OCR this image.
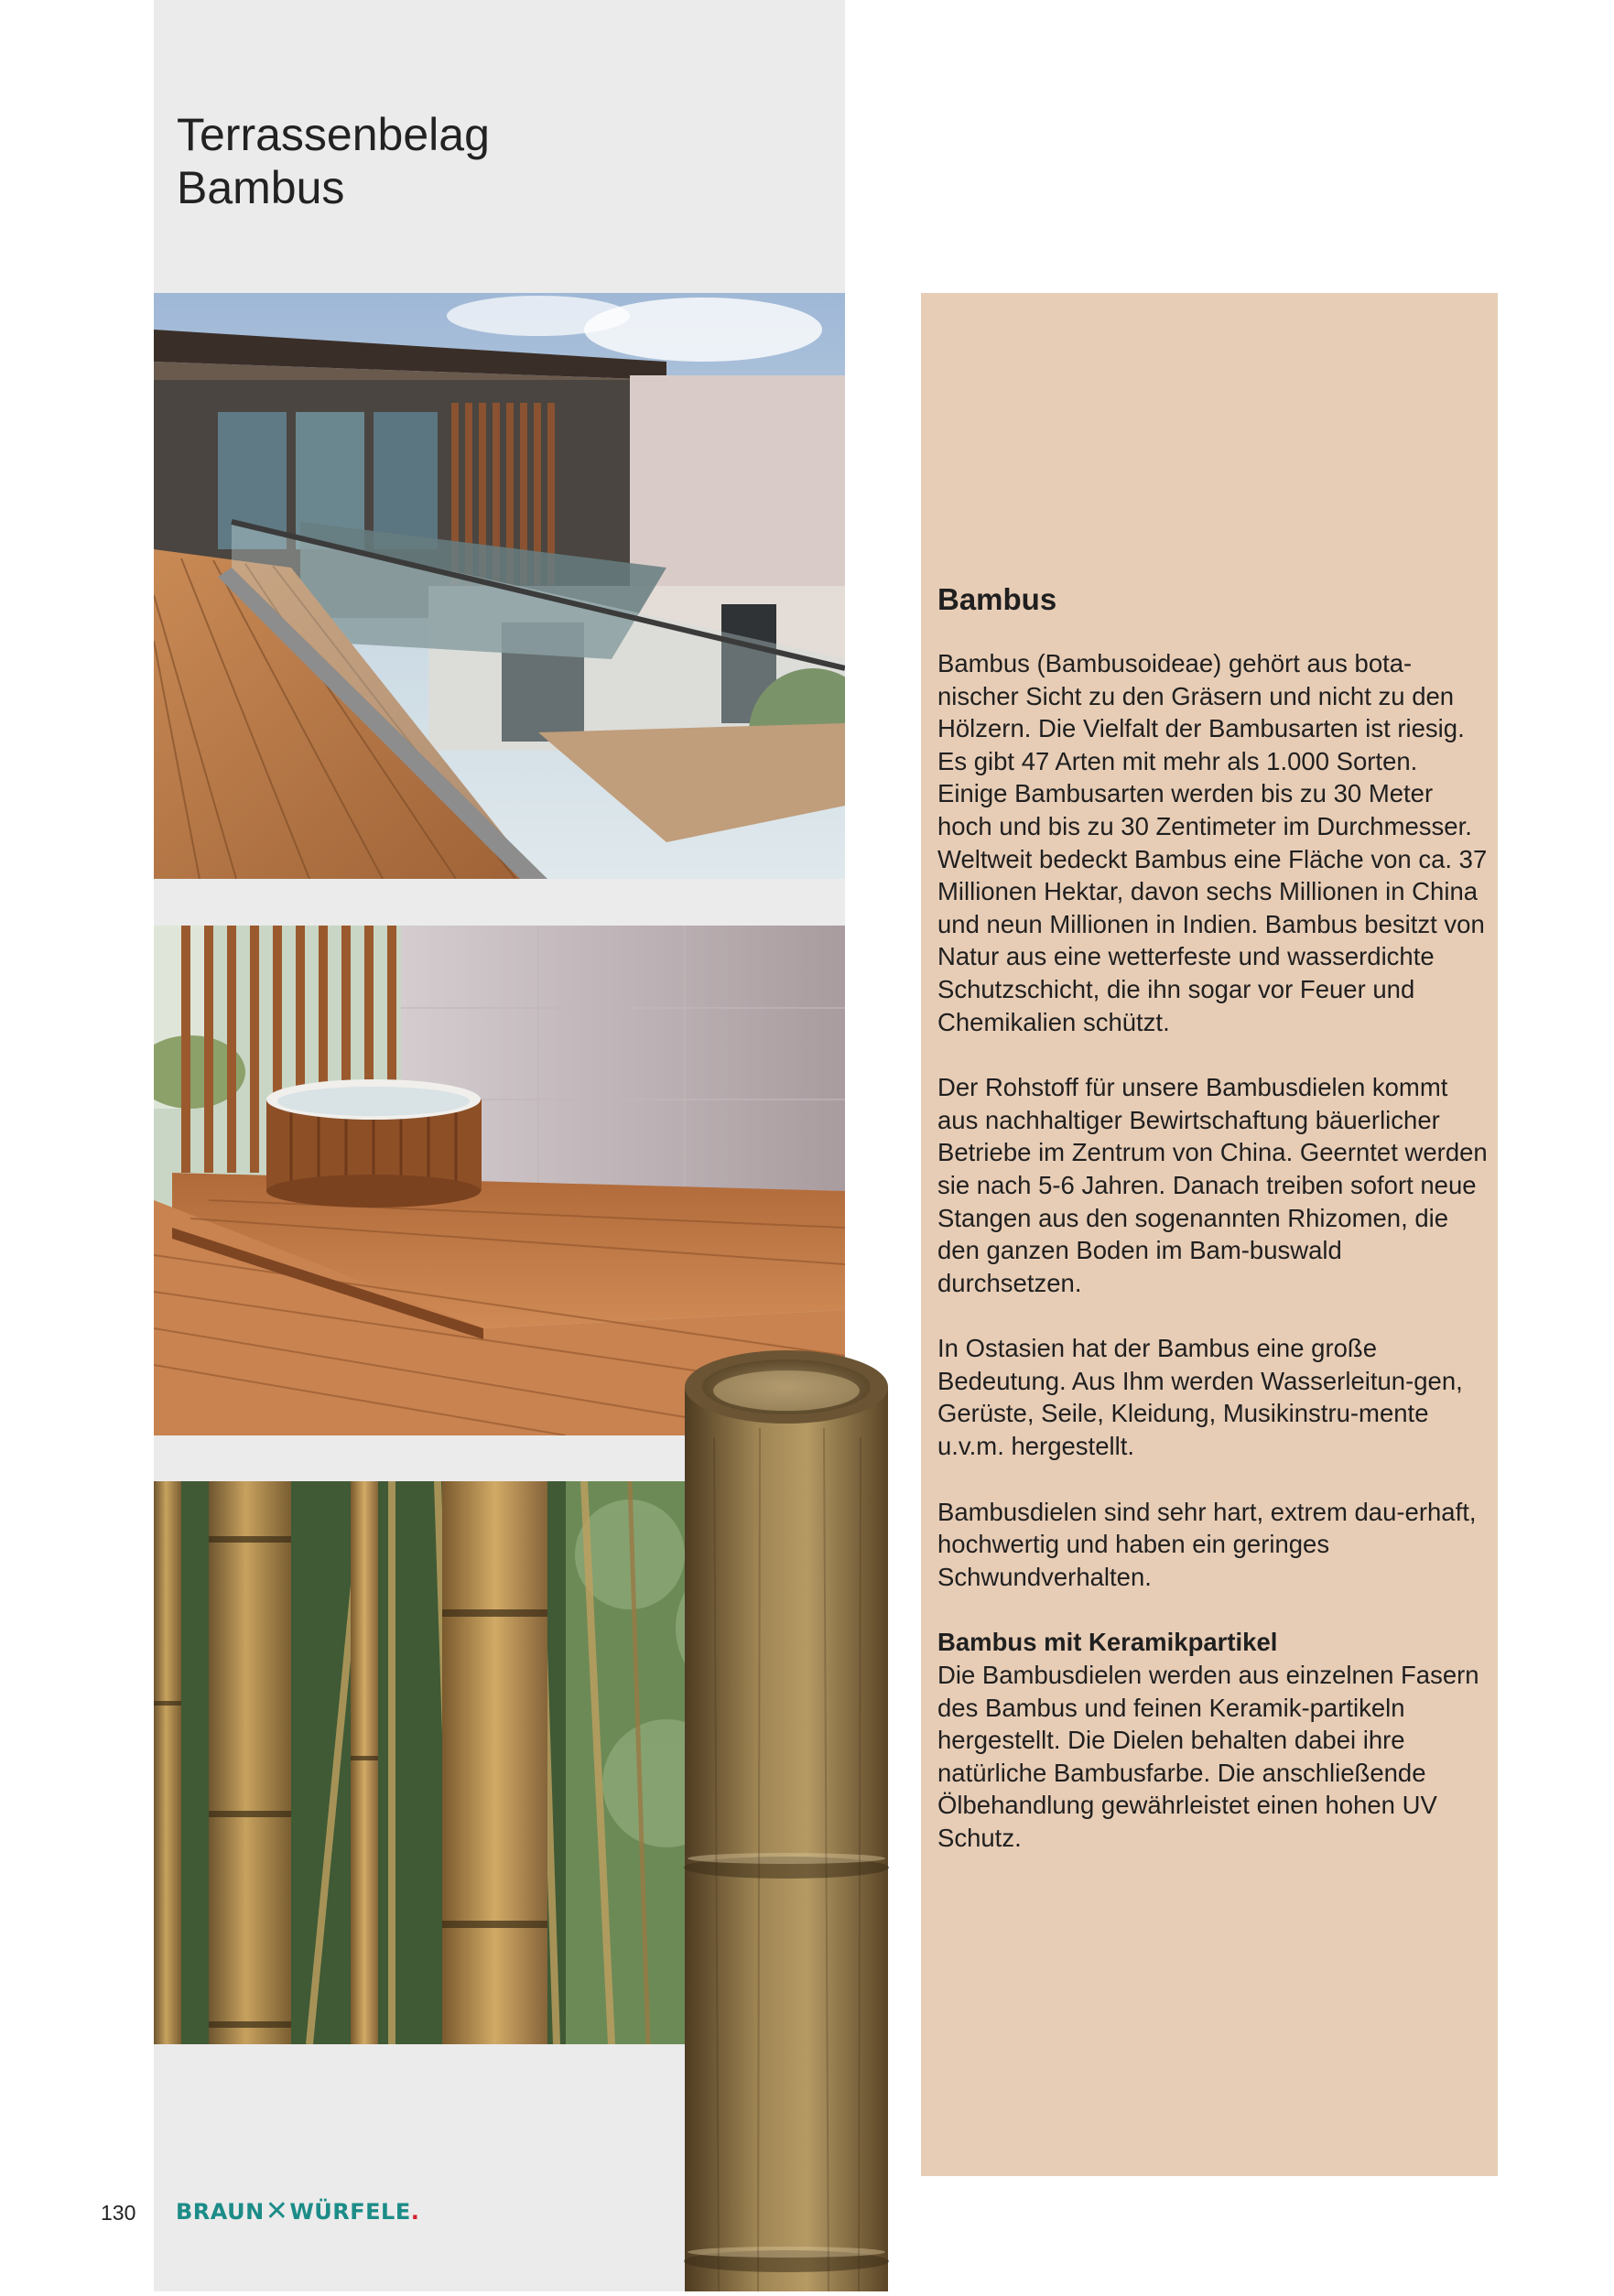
Terrassenbelag
Bambus
Bambus

Bambus (Bambusoideae) gehört aus bota-nischer Sicht zu den Gräsern und nicht zu den Hölzern. Die Vielfalt der Bambusarten ist riesig. Es gibt 47 Arten mit mehr als 1.000 Sorten. Einige Bambusarten werden bis zu 30 Meter hoch und bis zu 30 Zentimeter im Durchmesser. Weltweit bedeckt Bambus eine Fläche von ca. 37 Millionen Hektar, davon sechs Millionen in China und neun Millionen in Indien. Bambus besitzt von Natur aus eine wetterfeste und wasserdichte Schutzschicht, die ihn sogar vor Feuer und Chemikalien schützt.

Der Rohstoff für unsere Bambusdielen kommt aus nachhaltiger Bewirtschaftung bäuerlicher Betriebe im Zentrum von China. Geerntet werden sie nach 5-6 Jahren. Danach treiben sofort neue Stangen aus den sogenannten Rhizomen, die den ganzen Boden im Bam-buswald durchsetzen.

In Ostasien hat der Bambus eine große Bedeutung. Aus Ihm werden Wasserleitun-gen, Gerüste, Seile, Kleidung, Musikinstru-mente u.v.m. hergestellt.

Bambusdielen sind sehr hart, extrem dau-erhaft, hochwertig und haben ein geringes Schwundverhalten.

Bambus mit Keramikpartikel
Die Bambusdielen werden aus einzelnen Fasern des Bambus und feinen Keramik-partikeln hergestellt. Die Dielen behalten dabei ihre natürliche Bambusfarbe. Die anschließende Ölbehandlung gewährleistet einen hohen UV Schutz.

130 BRAUN ✕ WÜRFELE .
